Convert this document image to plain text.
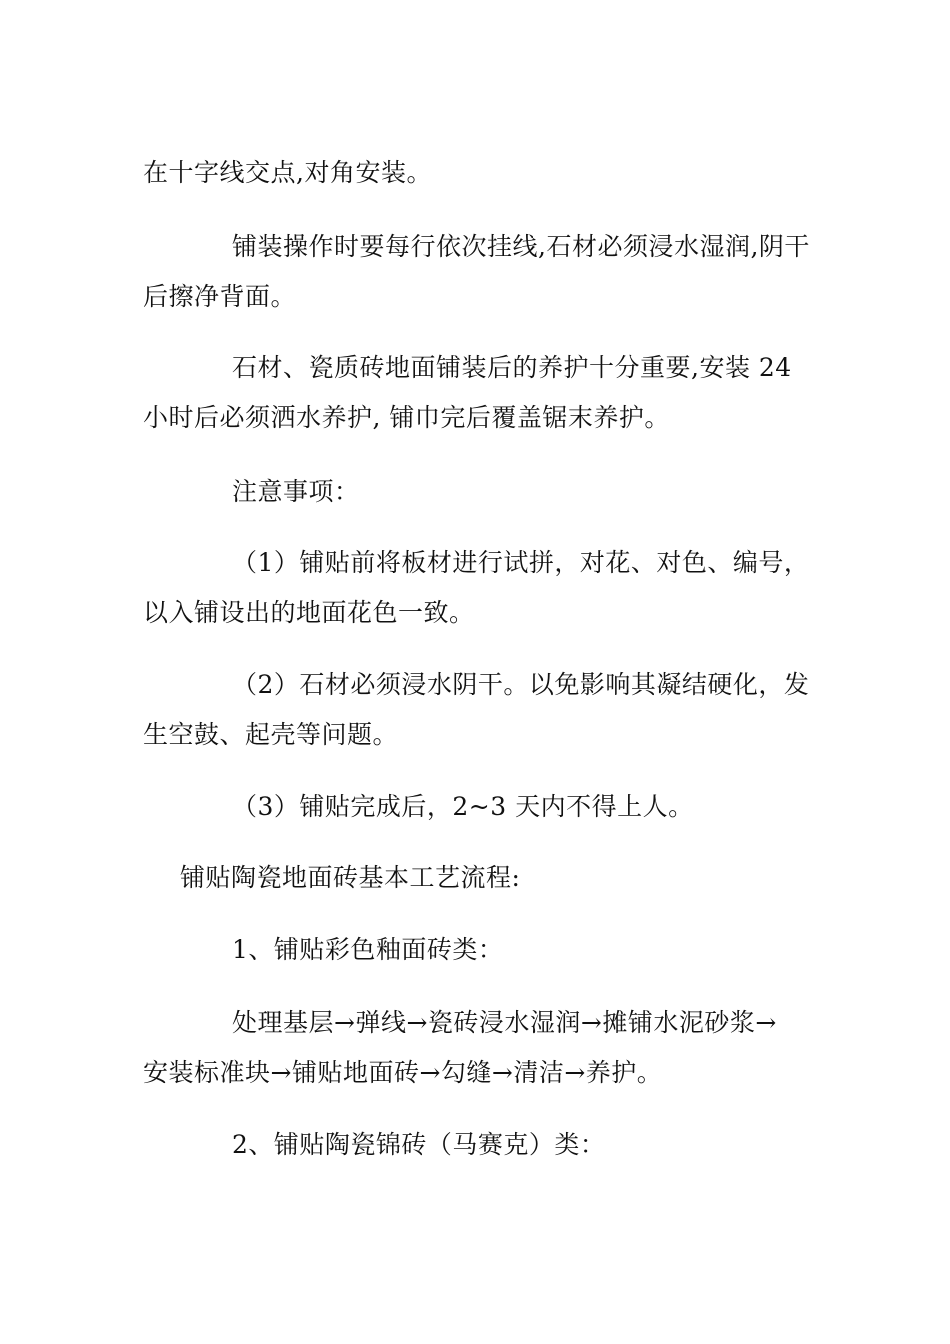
在十字线交点,对角安装。
铺装操作时要每行依次挂线,石材必须浸水湿润,阴干
后擦净背面。
石材、瓷质砖地面铺装后的养护十分重要,安装 24
小时后必须洒水养护, 铺巾完后覆盖锯末养护。
注意事项：
（1）铺贴前将板材进行试拼，对花、对色、编号，
以入铺设出的地面花色一致。
（2）石材必须浸水阴干。以免影响其凝结硬化，发
生空鼓、起壳等问题。
（3）铺贴完成后，2~3 天内不得上人。
铺贴陶瓷地面砖基本工艺流程:
1、铺贴彩色釉面砖类：
处理基层→弹线→瓷砖浸水湿润→摊铺水泥砂浆→
安装标准块→铺贴地面砖→勾缝→清洁→养护。
2、铺贴陶瓷锦砖（马赛克）类：
